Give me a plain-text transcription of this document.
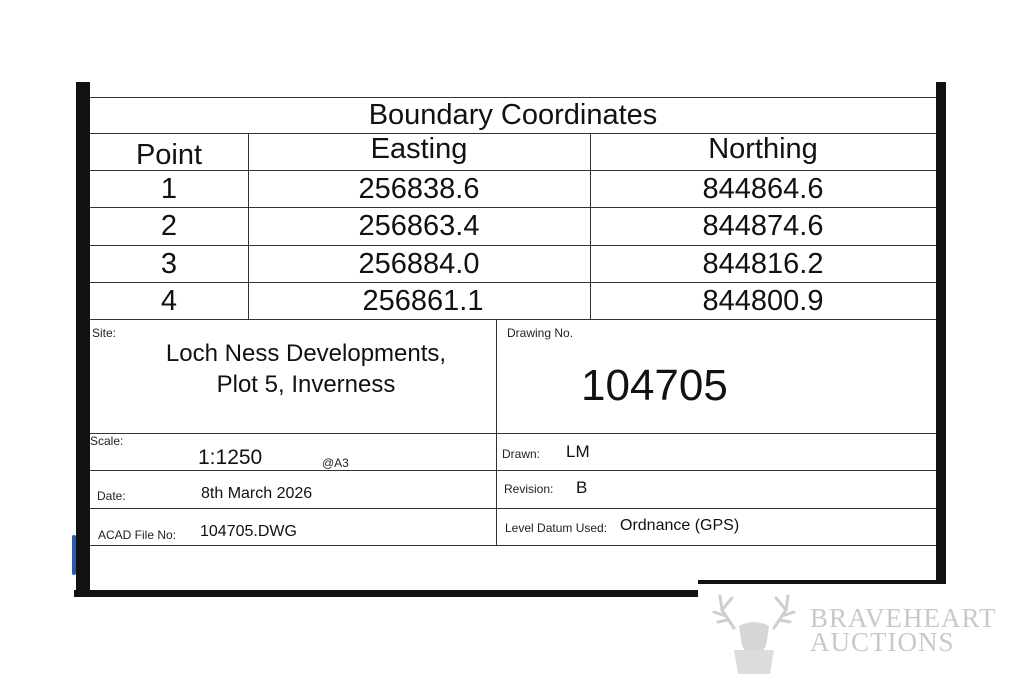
Boundary Coordinates
Point	Easting	Northing
1	256838.6	844864.6
2	256863.4	844874.6
3	256884.0	844816.2
4	256861.1	844800.9
Site:
Loch Ness Developments,
Plot 5, Inverness
Drawing No.
104705
Scale:
1:1250	@A3
Drawn: LM
Date:	8th March 2026	Revision: B
ACAD File No: 104705.DWG	Level Datum Used: Ordnance (GPS)
BRAVEHEART
AUCTIONS
